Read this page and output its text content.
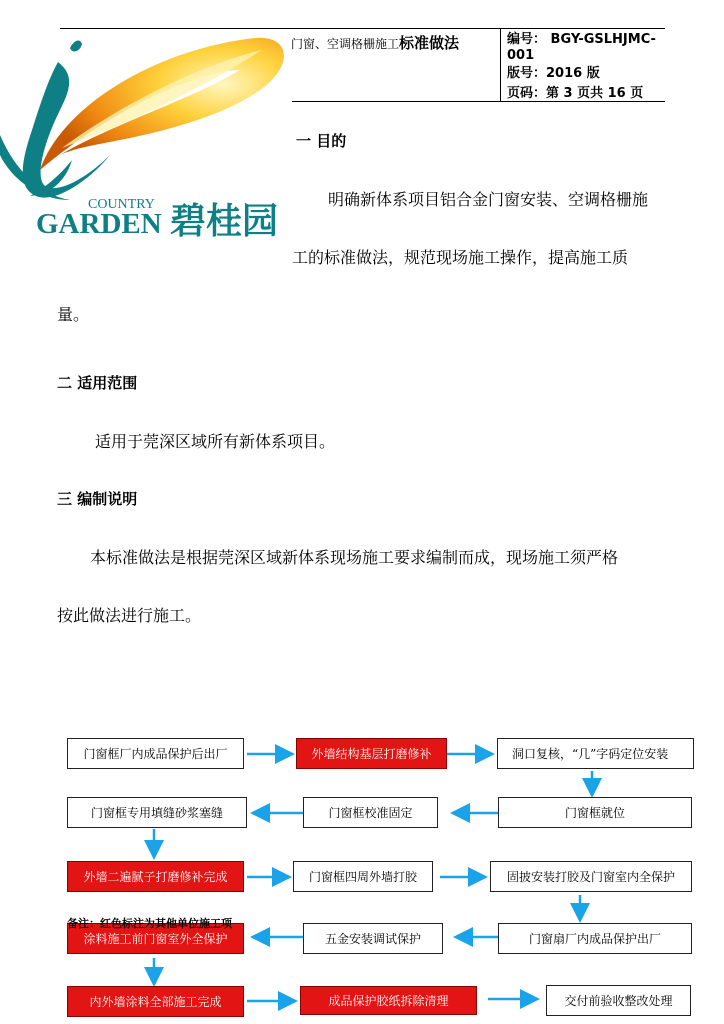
COUNTRY
GARDEN 碧桂园
门窗、空调格栅施工标准做法	编号： BGY-GSLHJMC-
001
版号：2016 版
页码：第 3 页共 16 页
一 目的
明确新体系项目铝合金门窗安装、空调格栅施
工的标准做法，规范现场施工操作，提高施工质
量。
二 适用范围
适用于莞深区域所有新体系项目。
三 编制说明
本标准做法是根据莞深区域新体系现场施工要求编制而成，现场施工须严格
按此做法进行施工。
门窗框厂内成品保护后出厂	外墙结构基层打磨修补	洞口复核，“几”字码定位安装
门窗框专用填缝砂浆塞缝	门窗框校准固定	门窗框就位
外墙二遍腻子打磨修补完成	门窗框四周外墙打胶	固披安装打胶及门窗室内全保护
涂料施工前门窗室外全保护	五金安装调试保护	门窗扇厂内成品保护出厂
内外墙涂料全部施工完成	成品保护胶纸拆除清理	交付前验收整改处理
备注：红色标注为其他单位施工项
